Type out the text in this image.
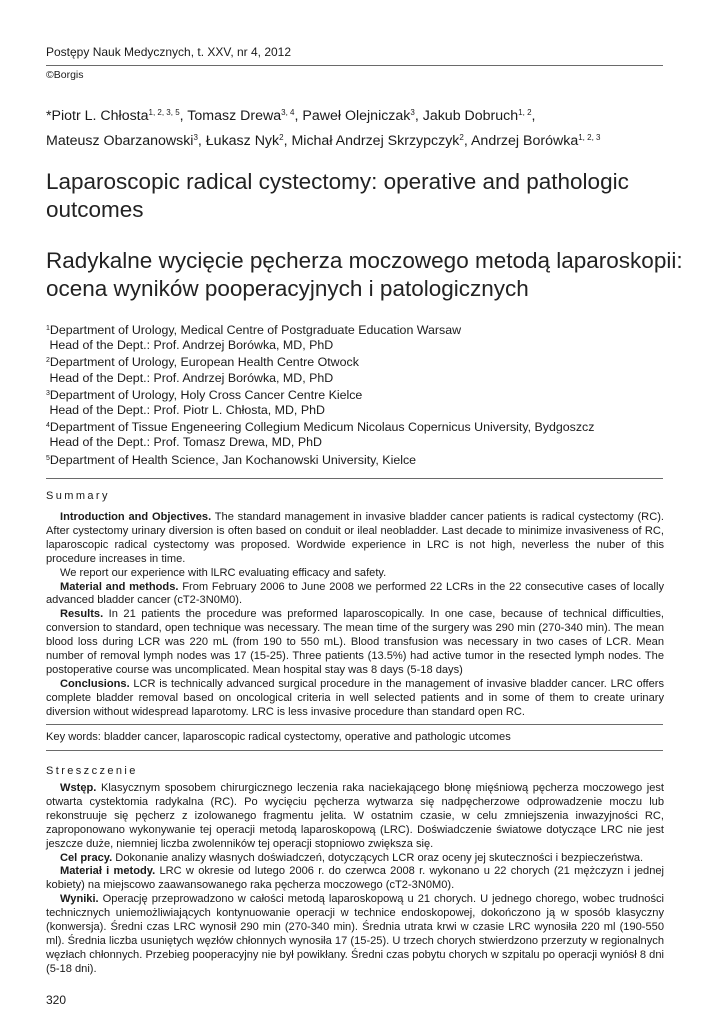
Postępy Nauk Medycznych, t. XXV, nr 4, 2012
©Borgis
*Piotr L. Chłosta$^{1, 2, 3, 5}$, Tomasz Drewa$^{3, 4}$, Paweł Olejniczak$^3$, Jakub Dobruch$^{1, 2}$,
Mateusz Obarzanowski$^3$, Łukasz Nyk$^2$, Michał Andrzej Skrzypczyk$^2$, Andrzej Borówka$^{1, 2, 3}$
Laparoscopic radical cystectomy: operative and pathologic outcomes
Radykalne wycięcie pęcherza moczowego metodą laparoskopii: ocena wyników pooperacyjnych i patologicznych
$^1$Department of Urology, Medical Centre of Postgraduate Education Warsaw
Head of the Dept.: Prof. Andrzej Borówka, MD, PhD
$^2$Department of Urology, European Health Centre Otwock
Head of the Dept.: Prof. Andrzej Borówka, MD, PhD
$^3$Department of Urology, Holy Cross Cancer Centre Kielce
Head of the Dept.: Prof. Piotr L. Chłosta, MD, PhD
$^4$Department of Tissue Engeneering Collegium Medicum Nicolaus Copernicus University, Bydgoszcz
Head of the Dept.: Prof. Tomasz Drewa, MD, PhD
$^5$Department of Health Science, Jan Kochanowski University, Kielce
Summary

Introduction and Objectives. The standard management in invasive bladder cancer patients is radical cystectomy (RC). After cystectomy urinary diversion is often based on conduit or ileal neobladder. Last decade to minimize invasiveness of RC, laparoscopic radical cystectomy was proposed. Wordwide experience in LRC is not high, neverless the nuber of this procedure increases in time.

We report our experience with lLRC evaluating efficacy and safety.

Material and methods. From February 2006 to June 2008 we performed 22 LCRs in the 22 consecutive cases of locally advanced bladder cancer (cT2-3N0M0).

Results. In 21 patients the procedure was preformed laparoscopically. In one case, because of technical difficulties, conversion to standard, open technique was necessary. The mean time of the surgery was 290 min (270-340 min). The mean blood loss during LCR was 220 mL (from 190 to 550 mL). Blood transfusion was necessary in two cases of LCR. Mean number of removal lymph nodes was 17 (15-25). Three patients (13.5%) had active tumor in the resected lymph nodes. The postoperative course was uncomplicated. Mean hospital stay was 8 days (5-18 days)

Conclusions. LCR is technically advanced surgical procedure in the management of invasive bladder cancer. LRC offers complete bladder removal based on oncological criteria in well selected patients and in some of them to create urinary diversion without widespread laparotomy. LRC is less invasive procedure than standard open RC.

Key words: bladder cancer, laparoscopic radical cystectomy, operative and pathologic utcomes
Streszczenie

Wstęp. Klasycznym sposobem chirurgicznego leczenia raka naciekającego błonę mięśniową pęcherza moczowego jest otwarta cystektomia radykalna (RC). Po wycięciu pęcherza wytwarza się nadpęcherzowe odprowadzenie moczu lub rekonstruuje się pęcherz z izolowanego fragmentu jelita. W ostatnim czasie, w celu zmniejszenia inwazyjności RC, zaproponowano wykonywanie tej operacji metodą laparoskopową (LRC). Doświadczenie światowe dotyczące LRC nie jest jeszcze duże, niemniej liczba zwolenników tej operacji stopniowo zwiększa się.

Cel pracy. Dokonanie analizy własnych doświadczeń, dotyczących LCR oraz oceny jej skuteczności i bezpieczeństwa.

Materiał i metody. LRC w okresie od lutego 2006 r. do czerwca 2008 r. wykonano u 22 chorych (21 mężczyzn i jednej kobiety) na miejscowo zaawansowanego raka pęcherza moczowego (cT2-3N0M0).

Wyniki. Operację przeprowadzono w całości metodą laparoskopową u 21 chorych. U jednego chorego, wobec trudności technicznych uniemożliwiających kontynuowanie operacji w technice endoskopowej, dokończono ją w sposób klasyczny (konwersja). Średni czas LRC wynosił 290 min (270-340 min). Średnia utrata krwi w czasie LRC wynosiła 220 ml (190-550 ml). Średnia liczba usuniętych węzłów chłonnych wynosiła 17 (15-25). U trzech chorych stwierdzono przerzuty w regionalnych węzłach chłonnych. Przebieg pooperacyjny nie był powikłany. Średni czas pobytu chorych w szpitalu po operacji wyniósł 8 dni (5-18 dni).

320
